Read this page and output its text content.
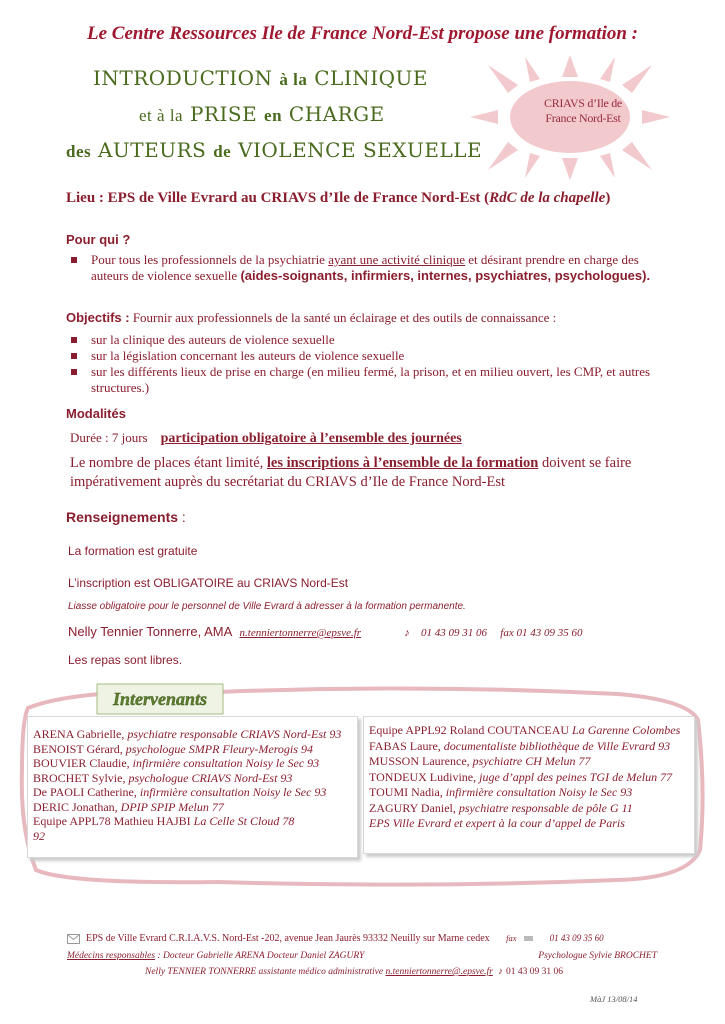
Le Centre Ressources Ile de France Nord-Est propose une formation :
INTRODUCTION à la CLINIQUE
et à la PRISE en CHARGE
des AUTEURS de VIOLENCE SEXUELLE
CRIAVS d’Ile de
France Nord-Est
Lieu : EPS de Ville Evrard au CRIAVS d’Ile de France Nord-Est (RdC de la chapelle)
Pour qui ?
Pour tous les professionnels de la psychiatrie ayant une activité clinique et désirant prendre en charge des auteurs de violence sexuelle (aides-soignants, infirmiers, internes, psychiatres, psychologues).
Objectifs : Fournir aux professionnels de la santé un éclairage et des outils de connaissance :
sur la clinique des auteurs de violence sexuelle
sur la législation concernant les auteurs de violence sexuelle
sur les différents lieux de prise en charge (en milieu fermé, la prison, et en milieu ouvert, les CMP, et autres structures.)
Modalités
Durée : 7 jours participation obligatoire à l’ensemble des journées
Le nombre de places étant limité, les inscriptions à l’ensemble de la formation doivent se faire impérativement auprès du secrétariat du CRIAVS d’Ile de France Nord-Est
Renseignements :
La formation est gratuite
L’inscription est OBLIGATOIRE au CRIAVS Nord-Est
Liasse obligatoire pour le personnel de Ville Evrard à adresser à la formation permanente.
Nelly Tennier Tonnerre, AMA n.tenniertonnerre@epsve.fr	♪ 01 43 09 31 06 fax 01 43 09 35 60
Les repas sont libres.
Intervenants
ARENA Gabrielle, psychiatre responsable CRIAVS Nord-Est 93
BENOIST Gérard, psychologue SMPR Fleury-Merogis 94
BOUVIER Claudie, infirmière consultation Noisy le Sec 93
BROCHET Sylvie, psychologue CRIAVS Nord-Est 93
De PAOLI Catherine, infirmière consultation Noisy le Sec 93
DERIC Jonathan, DPIP SPIP Melun 77
Equipe APPL78 Mathieu HAJBI La Celle St Cloud 78
92
Equipe APPL92 Roland COUTANCEAU La Garenne Colombes
FABAS Laure, documentaliste bibliothèque de Ville Evrard 93
MUSSON Laurence, psychiatre CH Melun 77
TONDEUX Ludivine, juge d’appl des peines TGI de Melun 77
TOUMI Nadia, infirmière consultation Noisy le Sec 93
ZAGURY Daniel, psychiatre responsable de pôle G 11
EPS Ville Evrard et expert à la cour d’appel de Paris
EPS de Ville Evrard C.R.I.A.V.S. Nord-Est -202, avenue Jean Jaurès 93332 Neuilly sur Marne cedex fax	01 43 09 35 60
Médecins responsables : Docteur Gabrielle ARENA Docteur Daniel ZAGURY	Psychologue Sylvie BROCHET
Nelly TENNIER TONNERRE assistante médico administrative n.tenniertonnerre@.epsve.fr ♪ 01 43 09 31 06
MàJ 13/08/14
